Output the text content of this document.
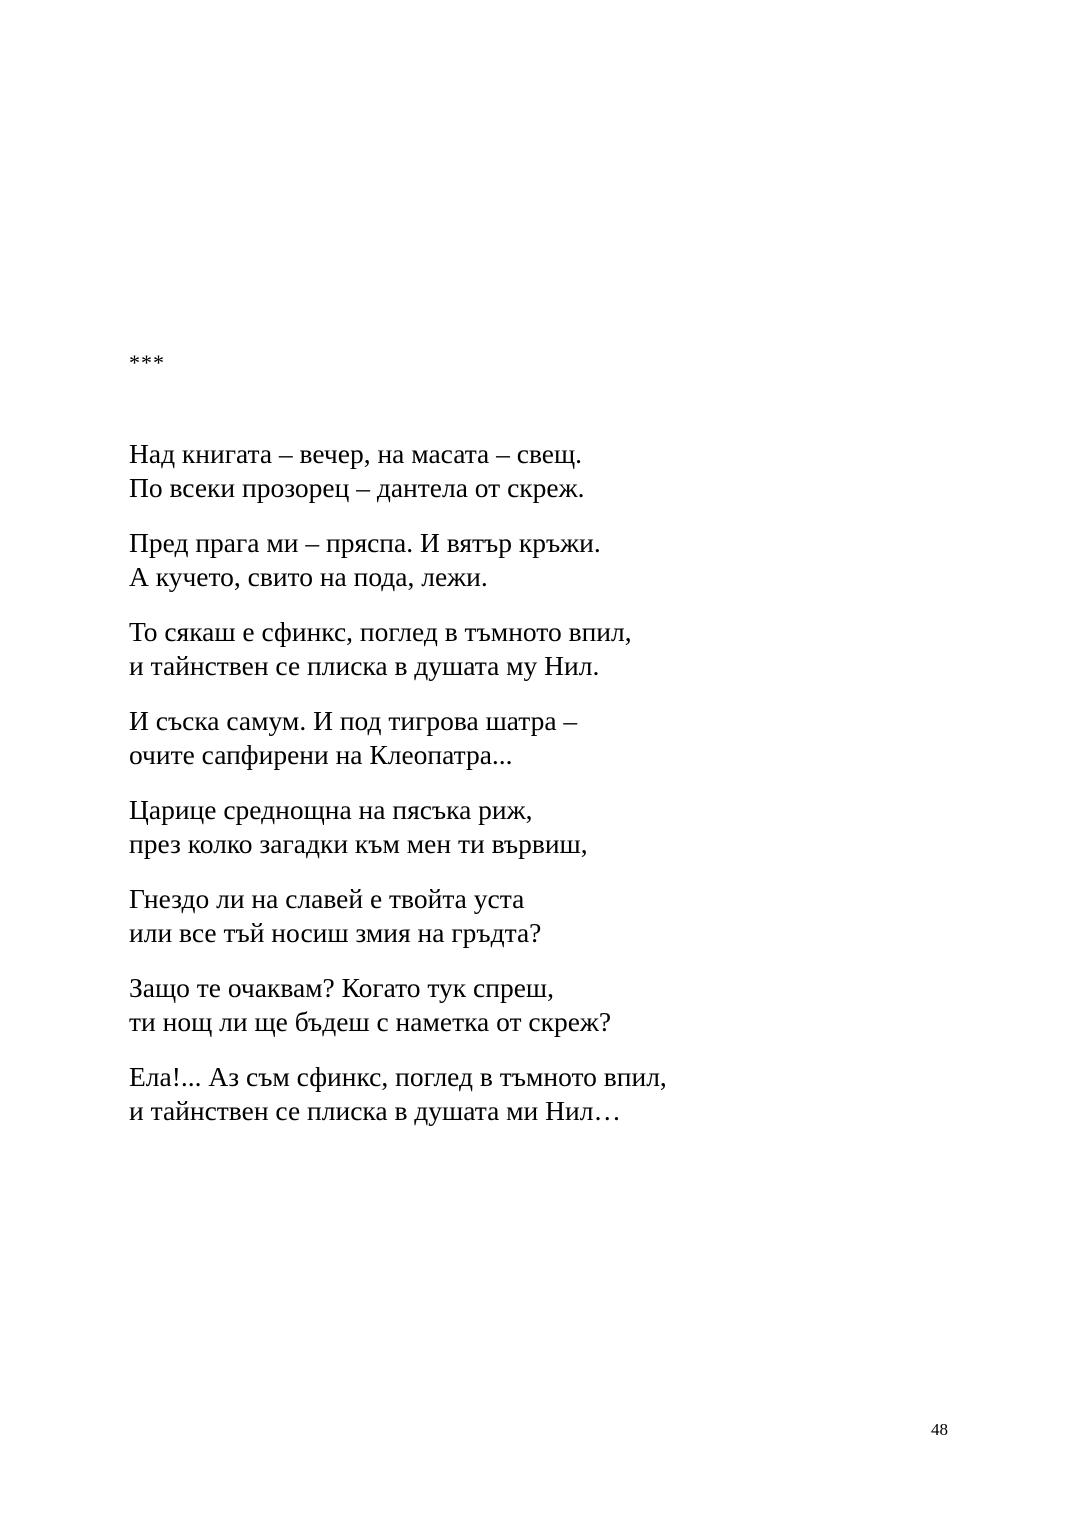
***

Над книгата – вечер, на масата – свещ.

По всеки прозорец – дантела от скреж.

Пред прага ми – пряспа. И вятър кръжи.

А кучето, свито на пода, лежи.

То сякаш е сфинкс, поглед в тъмното впил,

и тайнствен се плиска в душата му Нил.

И съска самум. И под тигрова шатра –

очите сапфирени на Клеопатра...

Царице среднощна на пясъка риж,

през колко загадки към мен ти вървиш,

Гнездо ли на славей е твойта уста

или все тъй носиш змия на гръдта?

Защо те очаквам? Когато тук спреш,

ти нощ ли ще бъдеш с наметка от скреж?

Ела!... Аз съм сфинкс, поглед в тъмното впил,

и тайнствен се плиска в душата ми Нил…

48
